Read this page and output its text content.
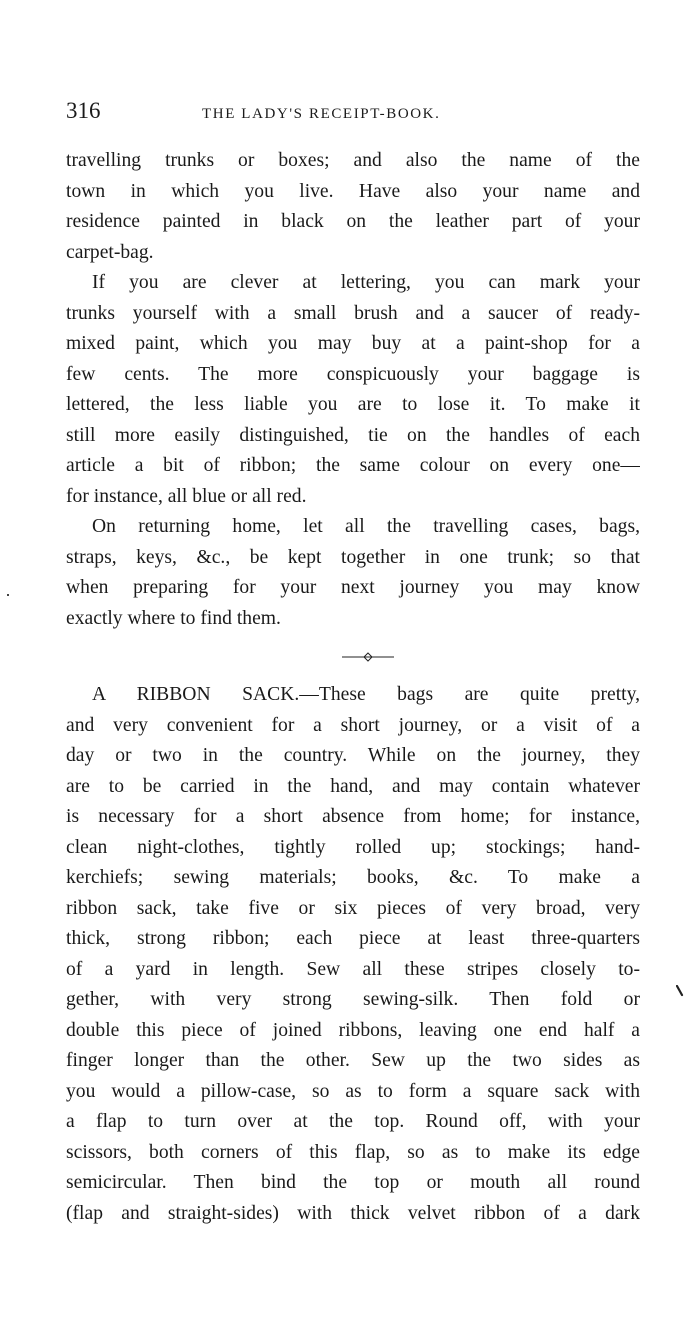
316	THE LADY'S RECEIPT-BOOK.
travelling trunks or boxes; and also the name of the
town in which you live. Have also your name and
residence painted in black on the leather part of your
carpet-bag.
If you are clever at lettering, you can mark your
trunks yourself with a small brush and a saucer of ready-
mixed paint, which you may buy at a paint-shop for a
few cents. The more conspicuously your baggage is
lettered, the less liable you are to lose it. To make it
still more easily distinguished, tie on the handles of each
article a bit of ribbon; the same colour on every one—
for instance, all blue or all red.
On returning home, let all the travelling cases, bags,
straps, keys, &c., be kept together in one trunk; so that
when preparing for your next journey you may know
exactly where to find them.
A RIBBON SACK.—These bags are quite pretty,
and very convenient for a short journey, or a visit of a
day or two in the country. While on the journey, they
are to be carried in the hand, and may contain whatever
is necessary for a short absence from home; for instance,
clean night-clothes, tightly rolled up; stockings; hand-
kerchiefs; sewing materials; books, &c. To make a
ribbon sack, take five or six pieces of very broad, very
thick, strong ribbon; each piece at least three-quarters
of a yard in length. Sew all these stripes closely to-
gether, with very strong sewing-silk. Then fold or
double this piece of joined ribbons, leaving one end half a
finger longer than the other. Sew up the two sides as
you would a pillow-case, so as to form a square sack with
a flap to turn over at the top. Round off, with your
scissors, both corners of this flap, so as to make its edge
semicircular. Then bind the top or mouth all round
(flap and straight-sides) with thick velvet ribbon of a dark
